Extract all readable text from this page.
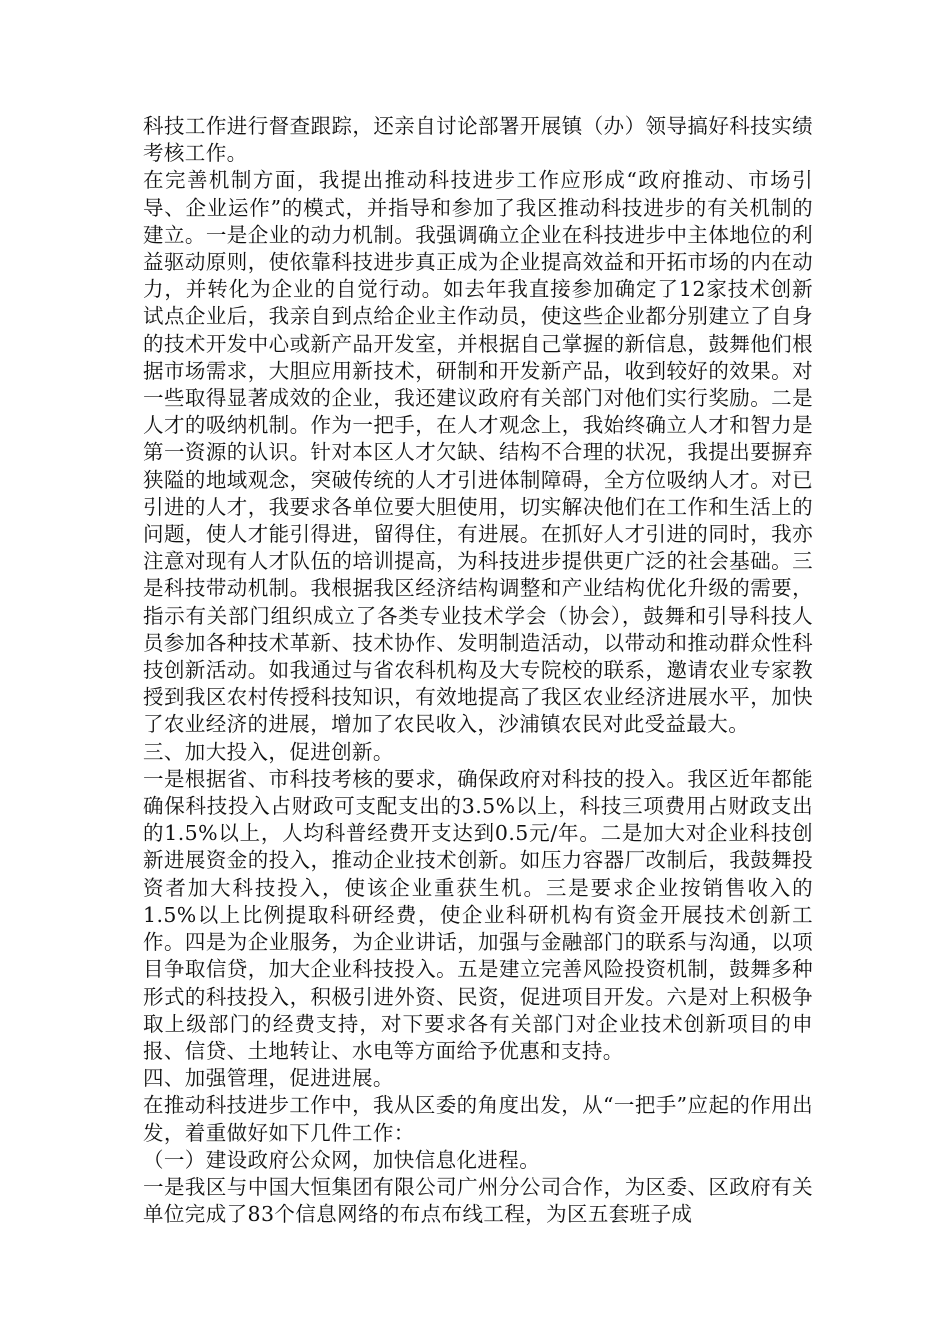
科技工作进行督查跟踪，还亲自讨论部署开展镇（办）领导搞好科技实绩考核工作。

在完善机制方面，我提出推动科技进步工作应形成“政府推动、市场引导、企业运作”的模式，并指导和参加了我区推动科技进步的有关机制的建立。一是企业的动力机制。我强调确立企业在科技进步中主体地位的利益驱动原则，使依靠科技进步真正成为企业提高效益和开拓市场的内在动力，并转化为企业的自觉行动。如去年我直接参加确定了12家技术创新试点企业后，我亲自到点给企业主作动员，使这些企业都分别建立了自身的技术开发中心或新产品开发室，并根据自己掌握的新信息，鼓舞他们根据市场需求，大胆应用新技术，研制和开发新产品，收到较好的效果。对一些取得显著成效的企业，我还建议政府有关部门对他们实行奖励。二是人才的吸纳机制。作为一把手，在人才观念上，我始终确立人才和智力是第一资源的认识。针对本区人才欠缺、结构不合理的状况，我提出要摒弃狭隘的地域观念，突破传统的人才引进体制障碍，全方位吸纳人才。对已引进的人才，我要求各单位要大胆使用，切实解决他们在工作和生活上的问题，使人才能引得进，留得住，有进展。在抓好人才引进的同时，我亦注意对现有人才队伍的培训提高，为科技进步提供更广泛的社会基础。三是科技带动机制。我根据我区经济结构调整和产业结构优化升级的需要，指示有关部门组织成立了各类专业技术学会（协会），鼓舞和引导科技人员参加各种技术革新、技术协作、发明制造活动，以带动和推动群众性科技创新活动。如我通过与省农科机构及大专院校的联系，邀请农业专家教授到我区农村传授科技知识，有效地提高了我区农业经济进展水平，加快了农业经济的进展，增加了农民收入，沙浦镇农民对此受益最大。

三、加大投入，促进创新。

一是根据省、市科技考核的要求，确保政府对科技的投入。我区近年都能确保科技投入占财政可支配支出的3.5%以上，科技三项费用占财政支出的1.5%以上，人均科普经费开支达到0.5元/年。二是加大对企业科技创新进展资金的投入，推动企业技术创新。如压力容器厂改制后，我鼓舞投资者加大科技投入，使该企业重获生机。三是要求企业按销售收入的1.5%以上比例提取科研经费，使企业科研机构有资金开展技术创新工作。四是为企业服务，为企业讲话，加强与金融部门的联系与沟通，以项目争取信贷，加大企业科技投入。五是建立完善风险投资机制，鼓舞多种形式的科技投入，积极引进外资、民资，促进项目开发。六是对上积极争取上级部门的经费支持，对下要求各有关部门对企业技术创新项目的申报、信贷、土地转让、水电等方面给予优惠和支持。

四、加强管理，促进进展。

在推动科技进步工作中，我从区委的角度出发，从“一把手”应起的作用出发，着重做好如下几件工作：

（一）建设政府公众网，加快信息化进程。

一是我区与中国大恒集团有限公司广州分公司合作，为区委、区政府有关单位完成了83个信息网络的布点布线工程，为区五套班子成
